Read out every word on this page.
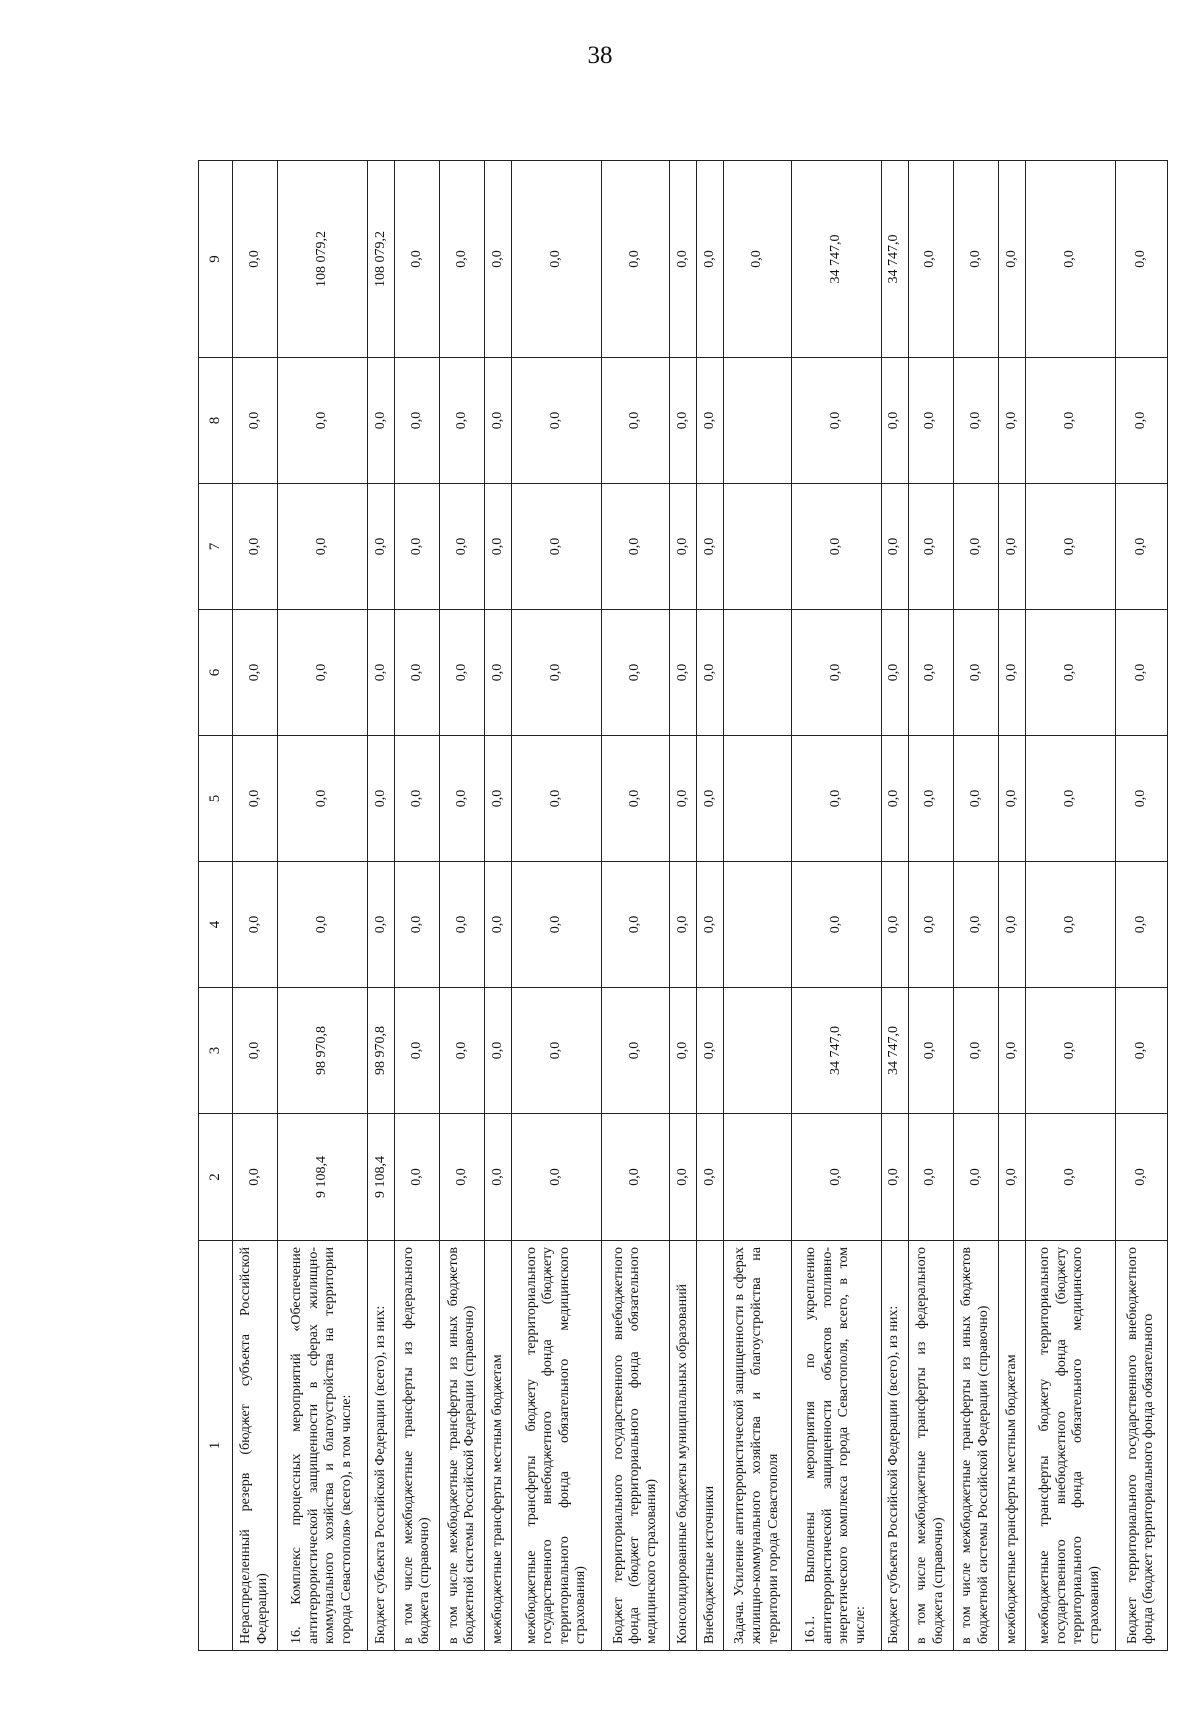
38
1	2	3	4	5	6	7	8	9
Нераспределенный резерв (бюджет субъекта Российской Федерации)	0,0	0,0	0,0	0,0	0,0	0,0	0,0	0,0
16. Комплекс процессных мероприятий «Обеспечение антитеррористической защищенности в сферах жилищно-коммунального хозяйства и благоустройства на территории города Севастополя» (всего), в том числе:	9 108,4	98 970,8	0,0	0,0	0,0	0,0	0,0	108 079,2
Бюджет субъекта Российской Федерации (всего), из них:	9 108,4	98 970,8	0,0	0,0	0,0	0,0	0,0	108 079,2
в том числе межбюджетные трансферты из федерального бюджета (справочно)	0,0	0,0	0,0	0,0	0,0	0,0	0,0	0,0
в том числе межбюджетные трансферты из иных бюджетов бюджетной системы Российской Федерации (справочно)	0,0	0,0	0,0	0,0	0,0	0,0	0,0	0,0
межбюджетные трансферты местным бюджетам	0,0	0,0	0,0	0,0	0,0	0,0	0,0	0,0
межбюджетные трансферты бюджету территориального государственного внебюджетного фонда (бюджету территориального фонда обязательного медицинского страхования)	0,0	0,0	0,0	0,0	0,0	0,0	0,0	0,0
Бюджет территориального государственного внебюджетного фонда (бюджет территориального фонда обязательного медицинского страхования)	0,0	0,0	0,0	0,0	0,0	0,0	0,0	0,0
Консолидированные бюджеты муниципальных образований	0,0	0,0	0,0	0,0	0,0	0,0	0,0	0,0
Внебюджетные источники	0,0	0,0	0,0	0,0	0,0	0,0	0,0	0,0
Задача. Усиление антитеррористической защищенности в сферах жилищно-коммунального хозяйства и благоустройства на территории города Севастополя								0,0
16.1. Выполнены мероприятия по укреплению антитеррористической защищенности объектов топливно-энергетического комплекса города Севастополя, всего, в том числе:	0,0	34 747,0	0,0	0,0	0,0	0,0	0,0	34 747,0
Бюджет субъекта Российской Федерации (всего), из них:	0,0	34 747,0	0,0	0,0	0,0	0,0	0,0	34 747,0
в том числе межбюджетные трансферты из федерального бюджета (справочно)	0,0	0,0	0,0	0,0	0,0	0,0	0,0	0,0
в том числе межбюджетные трансферты из иных бюджетов бюджетной системы Российской Федерации (справочно)	0,0	0,0	0,0	0,0	0,0	0,0	0,0	0,0
межбюджетные трансферты местным бюджетам	0,0	0,0	0,0	0,0	0,0	0,0	0,0	0,0
межбюджетные трансферты бюджету территориального государственного внебюджетного фонда (бюджету территориального фонда обязательного медицинского страхования)	0,0	0,0	0,0	0,0	0,0	0,0	0,0	0,0
Бюджет территориального государственного внебюджетного фонда (бюджет территориального фонда обязательного	0,0	0,0	0,0	0,0	0,0	0,0	0,0	0,0
